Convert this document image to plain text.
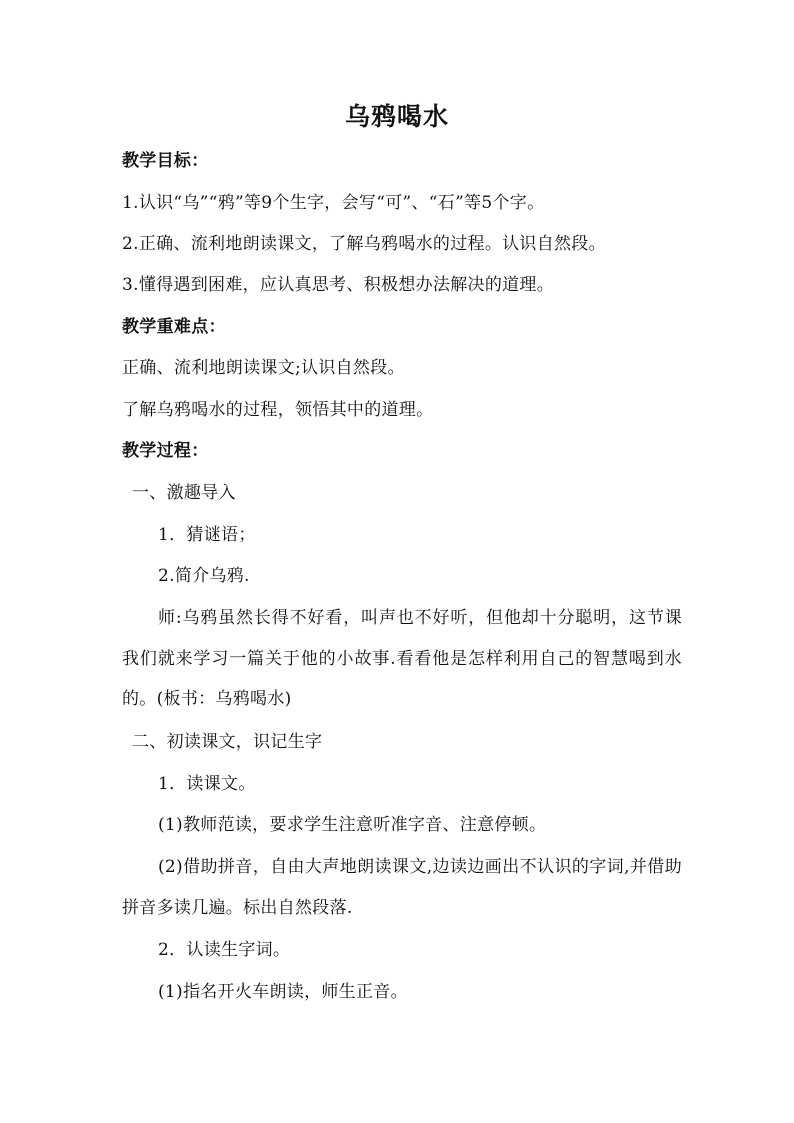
乌鸦喝水
教学目标：
1.认识“乌”“鸦”等9个生字，会写“可”、“石”等5个字。
2.正确、流利地朗读课文，了解乌鸦喝水的过程。认识自然段。
3.懂得遇到困难，应认真思考、积极想办法解决的道理。
教学重难点：
正确、流利地朗读课文;认识自然段。
了解乌鸦喝水的过程，领悟其中的道理。
教学过程：
一、激趣导入
1．猜谜语；
2.简介乌鸦.
师:乌鸦虽然长得不好看，叫声也不好听，但他却十分聪明，这节课我们就来学习一篇关于他的小故事.看看他是怎样利用自己的智慧喝到水的。(板书：乌鸦喝水)
二、初读课文，识记生字
1．读课文。
(1)教师范读，要求学生注意听准字音、注意停顿。
(2)借助拼音，自由大声地朗读课文,边读边画出不认识的字词,并借助拼音多读几遍。标出自然段落.
2．认读生字词。
(1)指名开火车朗读，师生正音。
